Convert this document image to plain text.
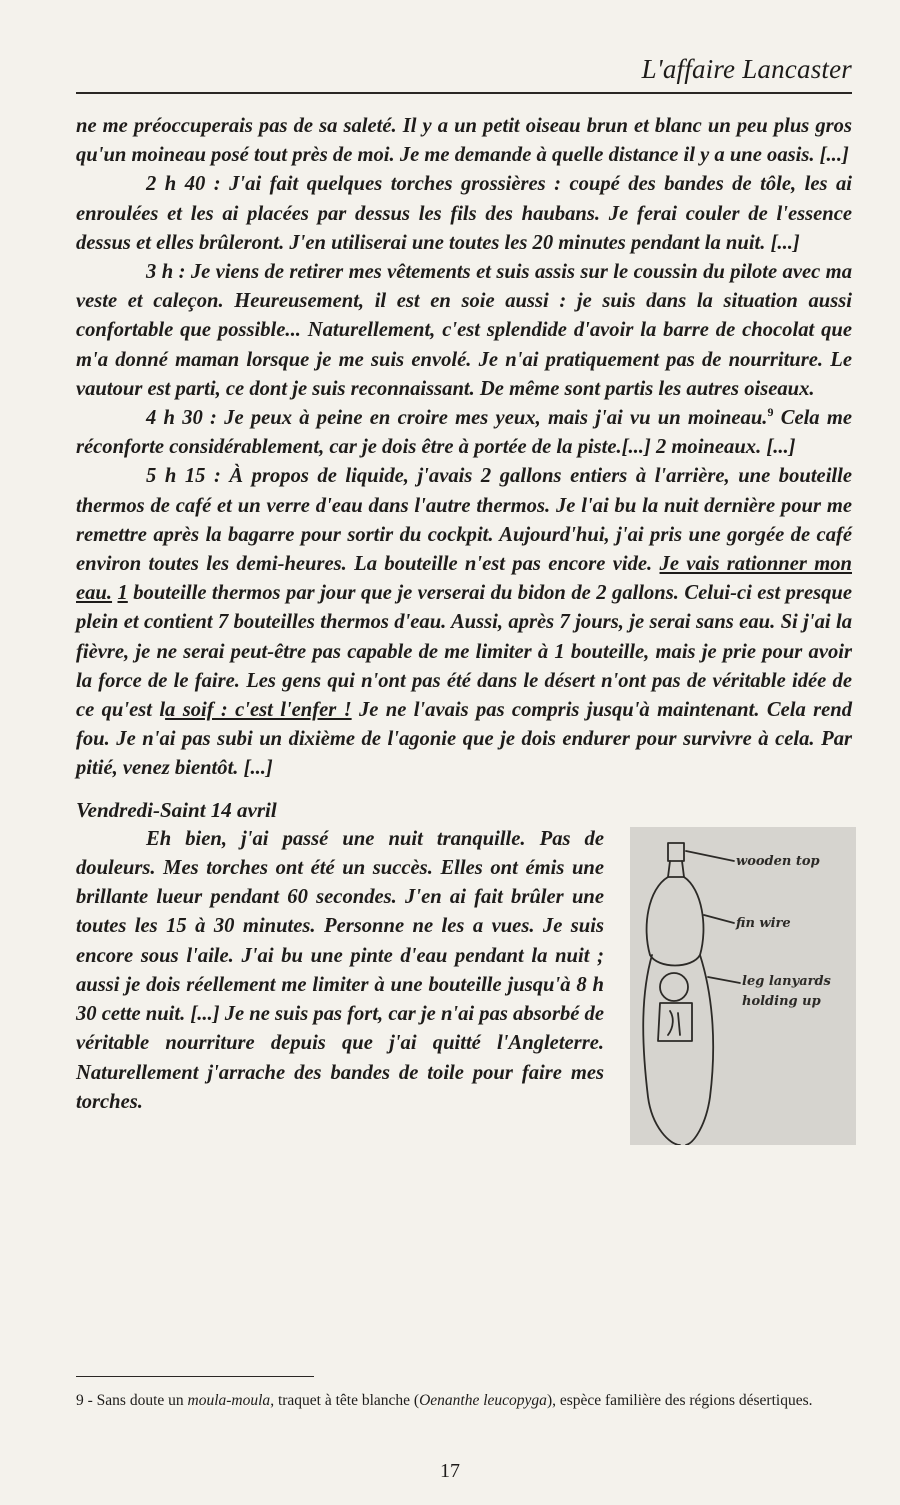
L'affaire Lancaster

ne me préoccuperais pas de sa saleté. Il y a un petit oiseau brun et blanc un peu plus gros qu'un moineau posé tout près de moi. Je me demande à quelle distance il y a une oasis. [...]

2 h 40 : J'ai fait quelques torches grossières : coupé des bandes de tôle, les ai enroulées et les ai placées par dessus les fils des haubans. Je ferai couler de l'essence dessus et elles brûleront. J'en utiliserai une toutes les 20 minutes pendant la nuit. [...]

3 h : Je viens de retirer mes vêtements et suis assis sur le coussin du pilote avec ma veste et caleçon. Heureusement, il est en soie aussi : je suis dans la situation aussi confortable que possible... Naturellement, c'est splendide d'avoir la barre de chocolat que m'a donné maman lorsque je me suis envolé. Je n'ai pratiquement pas de nourriture. Le vautour est parti, ce dont je suis reconnaissant. De même sont partis les autres oiseaux.

4 h 30 : Je peux à peine en croire mes yeux, mais j'ai vu un moineau.$^9$ Cela me réconforte considérablement, car je dois être à portée de la piste.[...] 2 moineaux. [...]

5 h 15 : À propos de liquide, j'avais 2 gallons entiers à l'arrière, une bouteille thermos de café et un verre d'eau dans l'autre thermos. Je l'ai bu la nuit dernière pour me remettre après la bagarre pour sortir du cockpit. Aujourd'hui, j'ai pris une gorgée de café environ toutes les demi-heures. La bouteille n'est pas encore vide. Je vais rationner mon eau. 1 bouteille thermos par jour que je verserai du bidon de 2 gallons. Celui-ci est presque plein et contient 7 bouteilles thermos d'eau. Aussi, après 7 jours, je serai sans eau. Si j'ai la fièvre, je ne serai peut-être pas capable de me limiter à 1 bouteille, mais je prie pour avoir la force de le faire. Les gens qui n'ont pas été dans le désert n'ont pas de véritable idée de ce qu'est la soif : c'est l'enfer ! Je ne l'avais pas compris jusqu'à maintenant. Cela rend fou. Je n'ai pas subi un dixième de l'agonie que je dois endurer pour survivre à cela. Par pitié, venez bientôt. [...]

Vendredi-Saint 14 avril

wooden top
fin wire
leg lanyards
holding up

Eh bien, j'ai passé une nuit tranquille. Pas de douleurs. Mes torches ont été un succès. Elles ont émis une brillante lueur pendant 60 secondes. J'en ai fait brûler une toutes les 15 à 30 minutes. Personne ne les a vues. Je suis encore sous l'aile. J'ai bu une pinte d'eau pendant la nuit ; aussi je dois réellement me limiter à une bouteille jusqu'à 8 h 30 cette nuit. [...] Je ne suis pas fort, car je n'ai pas absorbé de véritable nourriture depuis que j'ai quitté l'Angleterre. Naturellement j'arrache des bandes de toile pour faire mes torches.

9 - Sans doute un moula-moula, traquet à tête blanche (Oenanthe leucopyga), espèce familière des régions désertiques.
17
